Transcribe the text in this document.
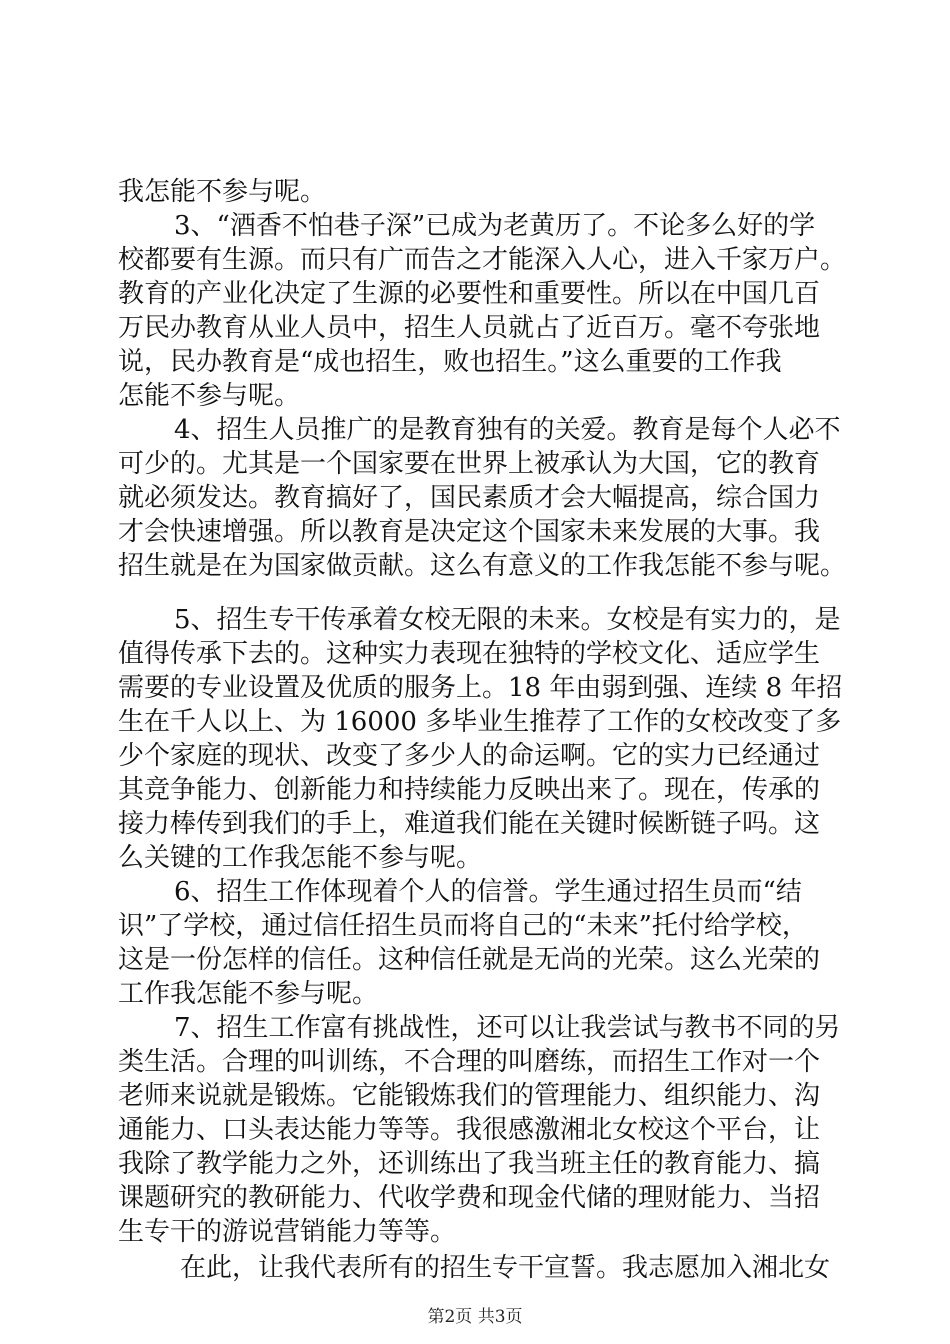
我怎能不参与呢。
3、“酒香不怕巷子深”已成为老黄历了。不论多么好的学
校都要有生源。而只有广而告之才能深入人心，进入千家万户。
教育的产业化决定了生源的必要性和重要性。所以在中国几百
万民办教育从业人员中，招生人员就占了近百万。毫不夸张地
说，民办教育是“成也招生，败也招生。”这么重要的工作我
怎能不参与呢。
4、招生人员推广的是教育独有的关爱。教育是每个人必不
可少的。尤其是一个国家要在世界上被承认为大国，它的教育
就必须发达。教育搞好了，国民素质才会大幅提高，综合国力
才会快速增强。所以教育是决定这个国家未来发展的大事。我
招生就是在为国家做贡献。这么有意义的工作我怎能不参与呢。
5、招生专干传承着女校无限的未来。女校是有实力的，是
值得传承下去的。这种实力表现在独特的学校文化、适应学生
需要的专业设置及优质的服务上。18 年由弱到强、连续 8 年招
生在千人以上、为 16000 多毕业生推荐了工作的女校改变了多
少个家庭的现状、改变了多少人的命运啊。它的实力已经通过
其竞争能力、创新能力和持续能力反映出来了。现在，传承的
接力棒传到我们的手上，难道我们能在关键时候断链子吗。这
么关键的工作我怎能不参与呢。
6、招生工作体现着个人的信誉。学生通过招生员而“结
识”了学校，通过信任招生员而将自己的“未来”托付给学校，
这是一份怎样的信任。这种信任就是无尚的光荣。这么光荣的
工作我怎能不参与呢。
7、招生工作富有挑战性，还可以让我尝试与教书不同的另
类生活。合理的叫训练，不合理的叫磨练，而招生工作对一个
老师来说就是锻炼。它能锻炼我们的管理能力、组织能力、沟
通能力、口头表达能力等等。我很感激湘北女校这个平台，让
我除了教学能力之外，还训练出了我当班主任的教育能力、搞
课题研究的教研能力、代收学费和现金代储的理财能力、当招
生专干的游说营销能力等等。
在此，让我代表所有的招生专干宣誓。我志愿加入湘北女
第2页 共3页
